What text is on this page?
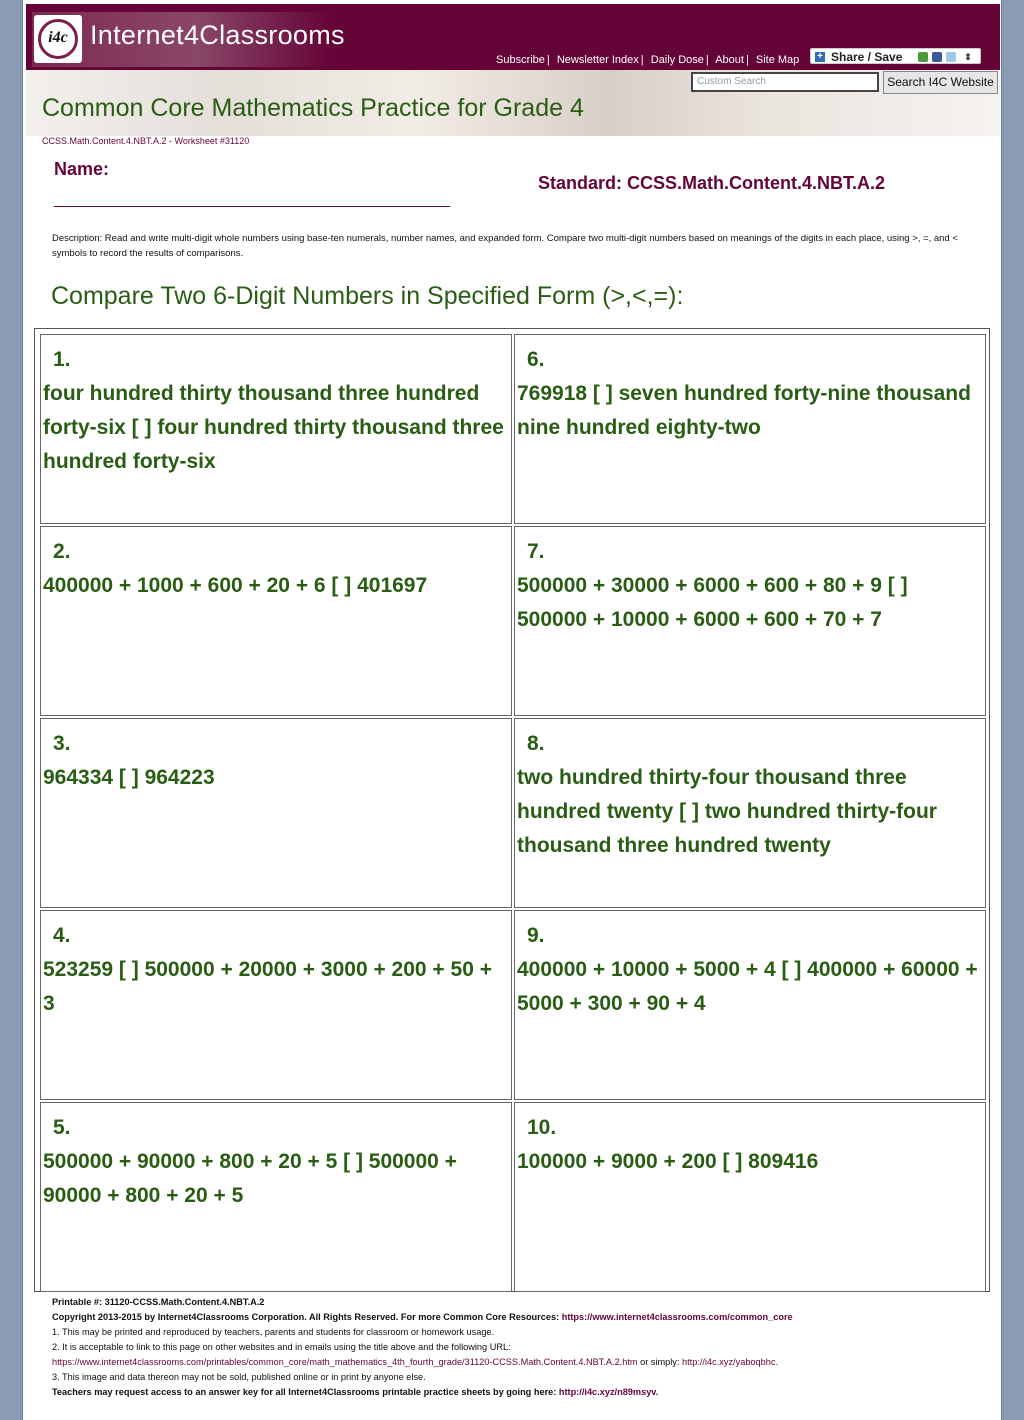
i4c Internet4Classrooms
Subscribe | Newsletter Index | Daily Dose | About | Site Map + Share / Save	⇕
Custom Search	Search I4C Website
Common Core Mathematics Practice for Grade 4
CCSS.Math.Content.4.NBT.A.2 - Worksheet #31120
Name:
Standard: CCSS.Math.Content.4.NBT.A.2
Description: Read and write multi-digit whole numbers using base-ten numerals, number names, and expanded form. Compare two multi-digit numbers based on meanings of the digits in each place, using >, =, and < symbols to record the results of comparisons.
Compare Two 6-Digit Numbers in Specified Form (>,<,=):
1.
four hundred thirty thousand three hundred forty-six [ ] four hundred thirty thousand three hundred forty-six	6.
769918 [ ] seven hundred forty-nine thousand nine hundred eighty-two

2.
400000 + 1000 + 600 + 20 + 6 [ ] 401697	7.
500000 + 30000 + 6000 + 600 + 80 + 9 [ ] 500000 + 10000 + 6000 + 600 + 70 + 7

3.
964334 [ ] 964223	8.
two hundred thirty-four thousand three hundred twenty [ ] two hundred thirty-four thousand three hundred twenty

4.
523259 [ ] 500000 + 20000 + 3000 + 200 + 50 + 3	9.
400000 + 10000 + 5000 + 4 [ ] 400000 + 60000 + 5000 + 300 + 90 + 4

5.
500000 + 90000 + 800 + 20 + 5 [ ] 500000 + 90000 + 800 + 20 + 5	10.
100000 + 9000 + 200 [ ] 809416
Printable #: 31120-CCSS.Math.Content.4.NBT.A.2
Copyright 2013-2015 by Internet4Classrooms Corporation. All Rights Reserved. For more Common Core Resources: https://www.internet4classrooms.com/common_core
1. This may be printed and reproduced by teachers, parents and students for classroom or homework usage.
2. It is acceptable to link to this page on other websites and in emails using the title above and the following URL:
https://www.internet4classrooms.com/printables/common_core/math_mathematics_4th_fourth_grade/31120-CCSS.Math.Content.4.NBT.A.2.htm or simply: http://i4c.xyz/yaboqbhc.
3. This image and data thereon may not be sold, published online or in print by anyone else.
Teachers may request access to an answer key for all Internet4Classrooms printable practice sheets by going here: http://i4c.xyz/n89msyv.
